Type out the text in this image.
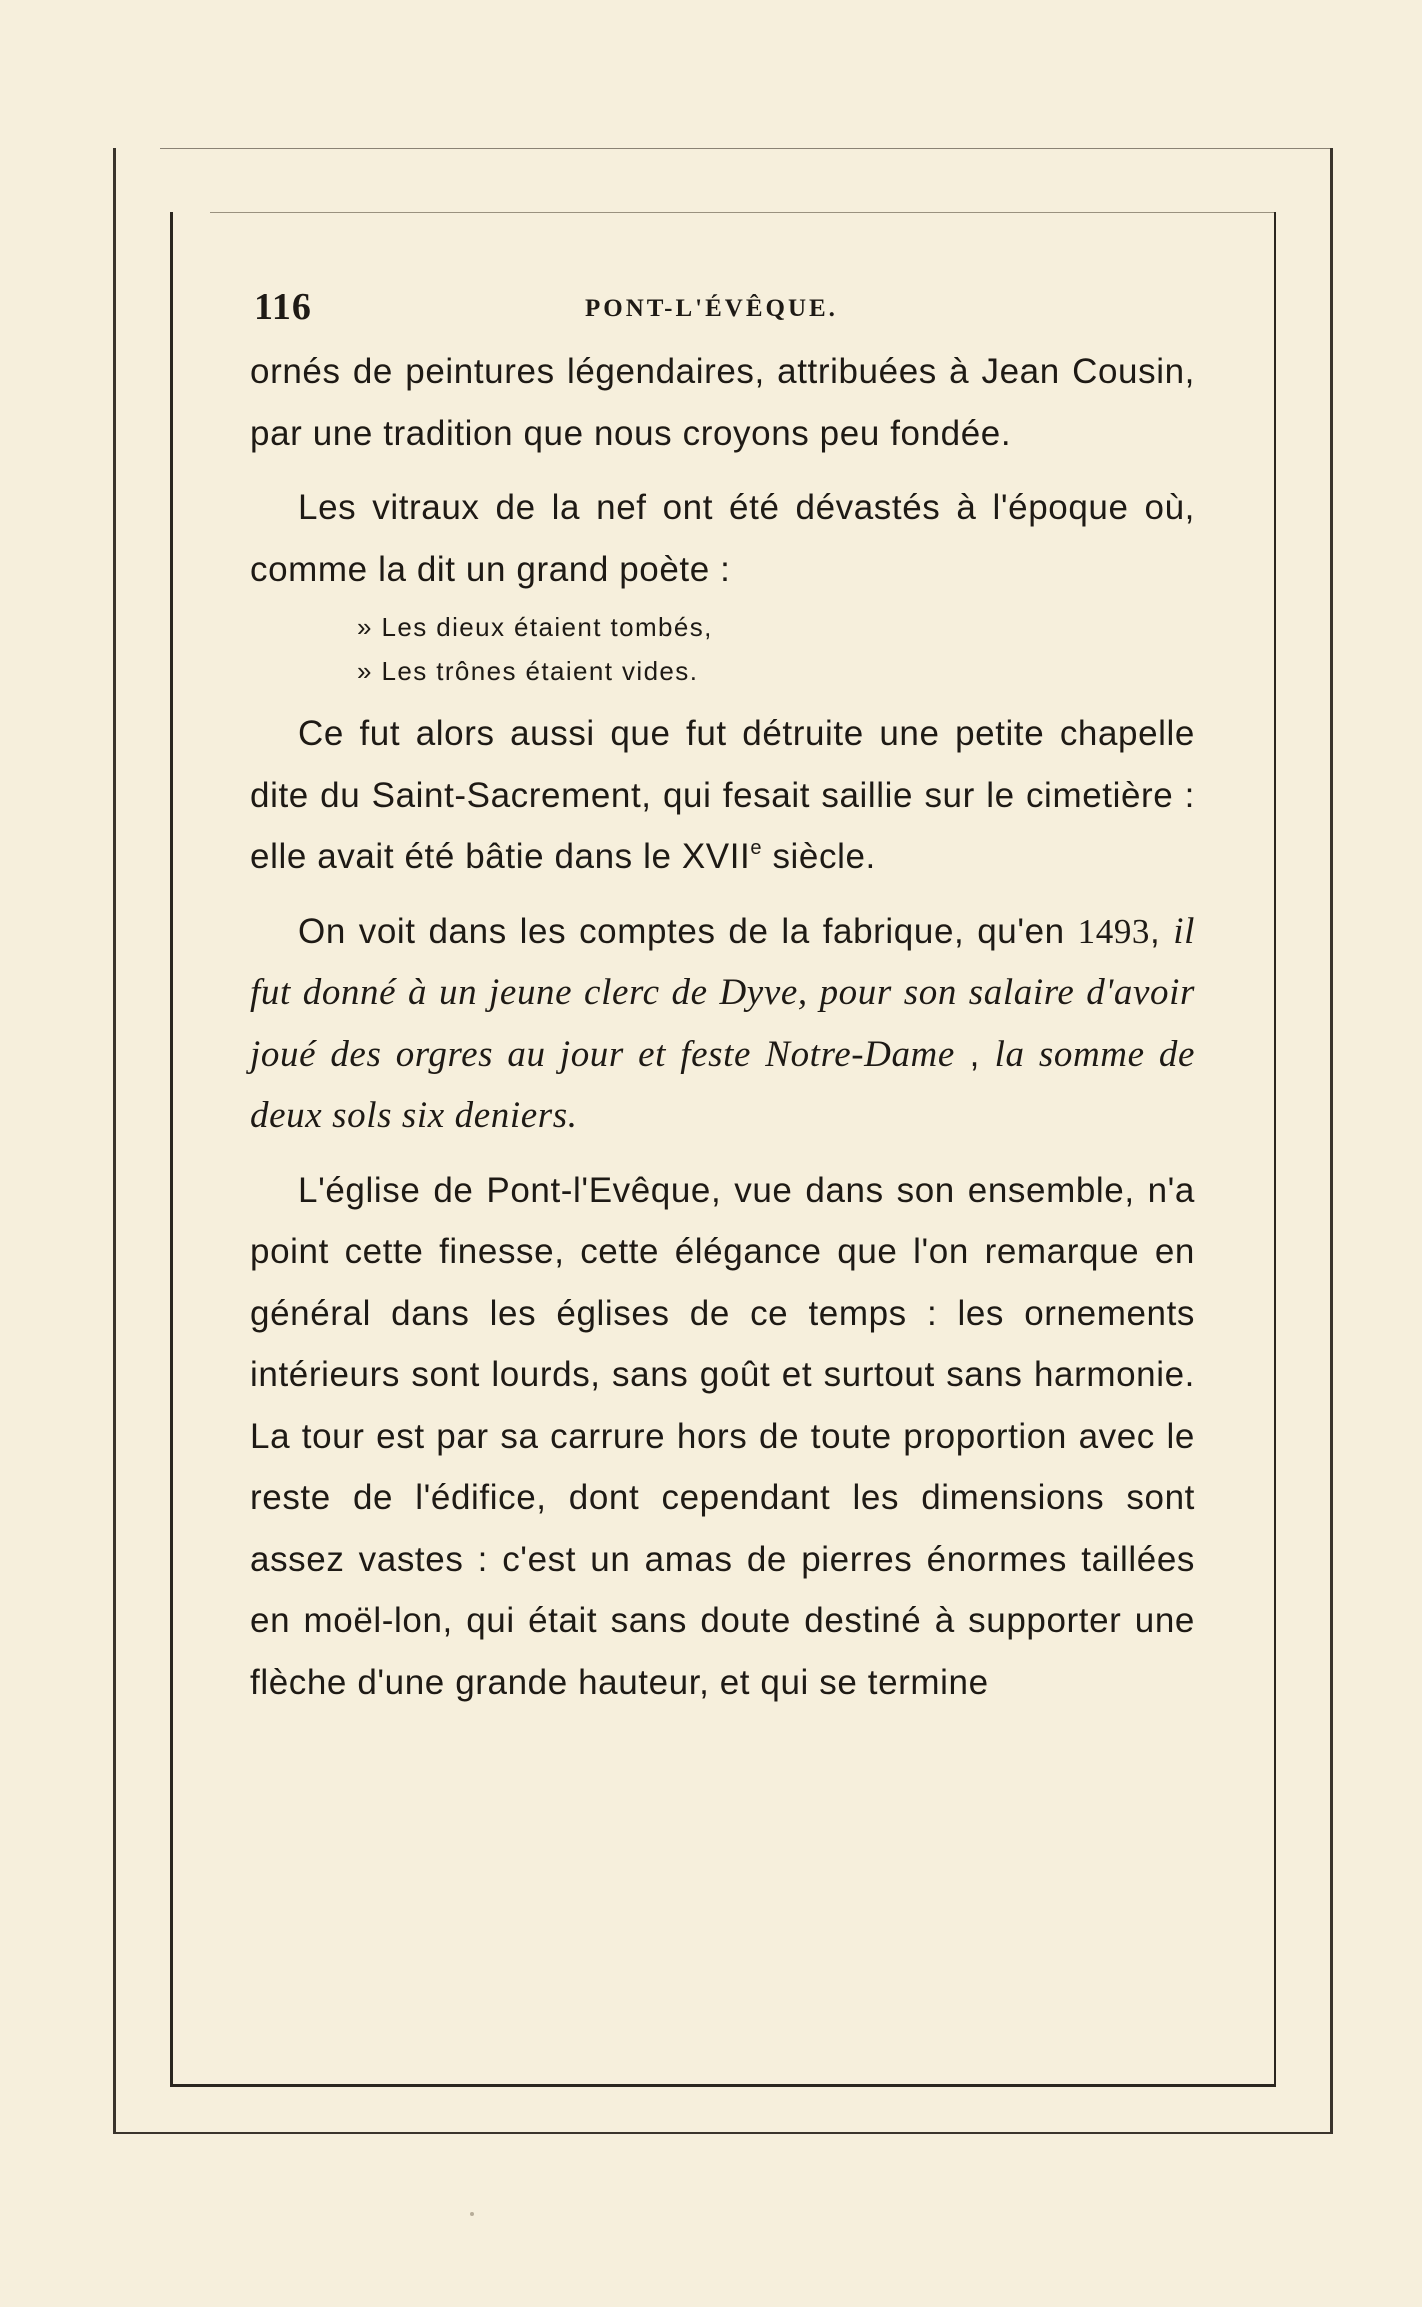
116	PONT-L'ÉVÊQUE.

ornés de peintures légendaires, attribuées à Jean Cousin, par une tradition que nous croyons peu fondée.

Les vitraux de la nef ont été dévastés à l'époque où, comme la dit un grand poète :

» Les dieux étaient tombés,
» Les trônes étaient vides.

Ce fut alors aussi que fut détruite une petite chapelle dite du Saint-Sacrement, qui fesait saillie sur le cimetière : elle avait été bâtie dans le XVIIe siècle.

On voit dans les comptes de la fabrique, qu'en 1493, il fut donné à un jeune clerc de Dyve, pour son salaire d'avoir joué des orgres au jour et feste Notre-Dame , la somme de deux sols six deniers.

L'église de Pont-l'Evêque, vue dans son ensemble, n'a point cette finesse, cette élégance que l'on remarque en général dans les églises de ce temps : les ornements intérieurs sont lourds, sans goût et surtout sans harmonie. La tour est par sa carrure hors de toute proportion avec le reste de l'édifice, dont cependant les dimensions sont assez vastes : c'est un amas de pierres énormes taillées en moël-lon, qui était sans doute destiné à supporter une flèche d'une grande hauteur, et qui se termine
